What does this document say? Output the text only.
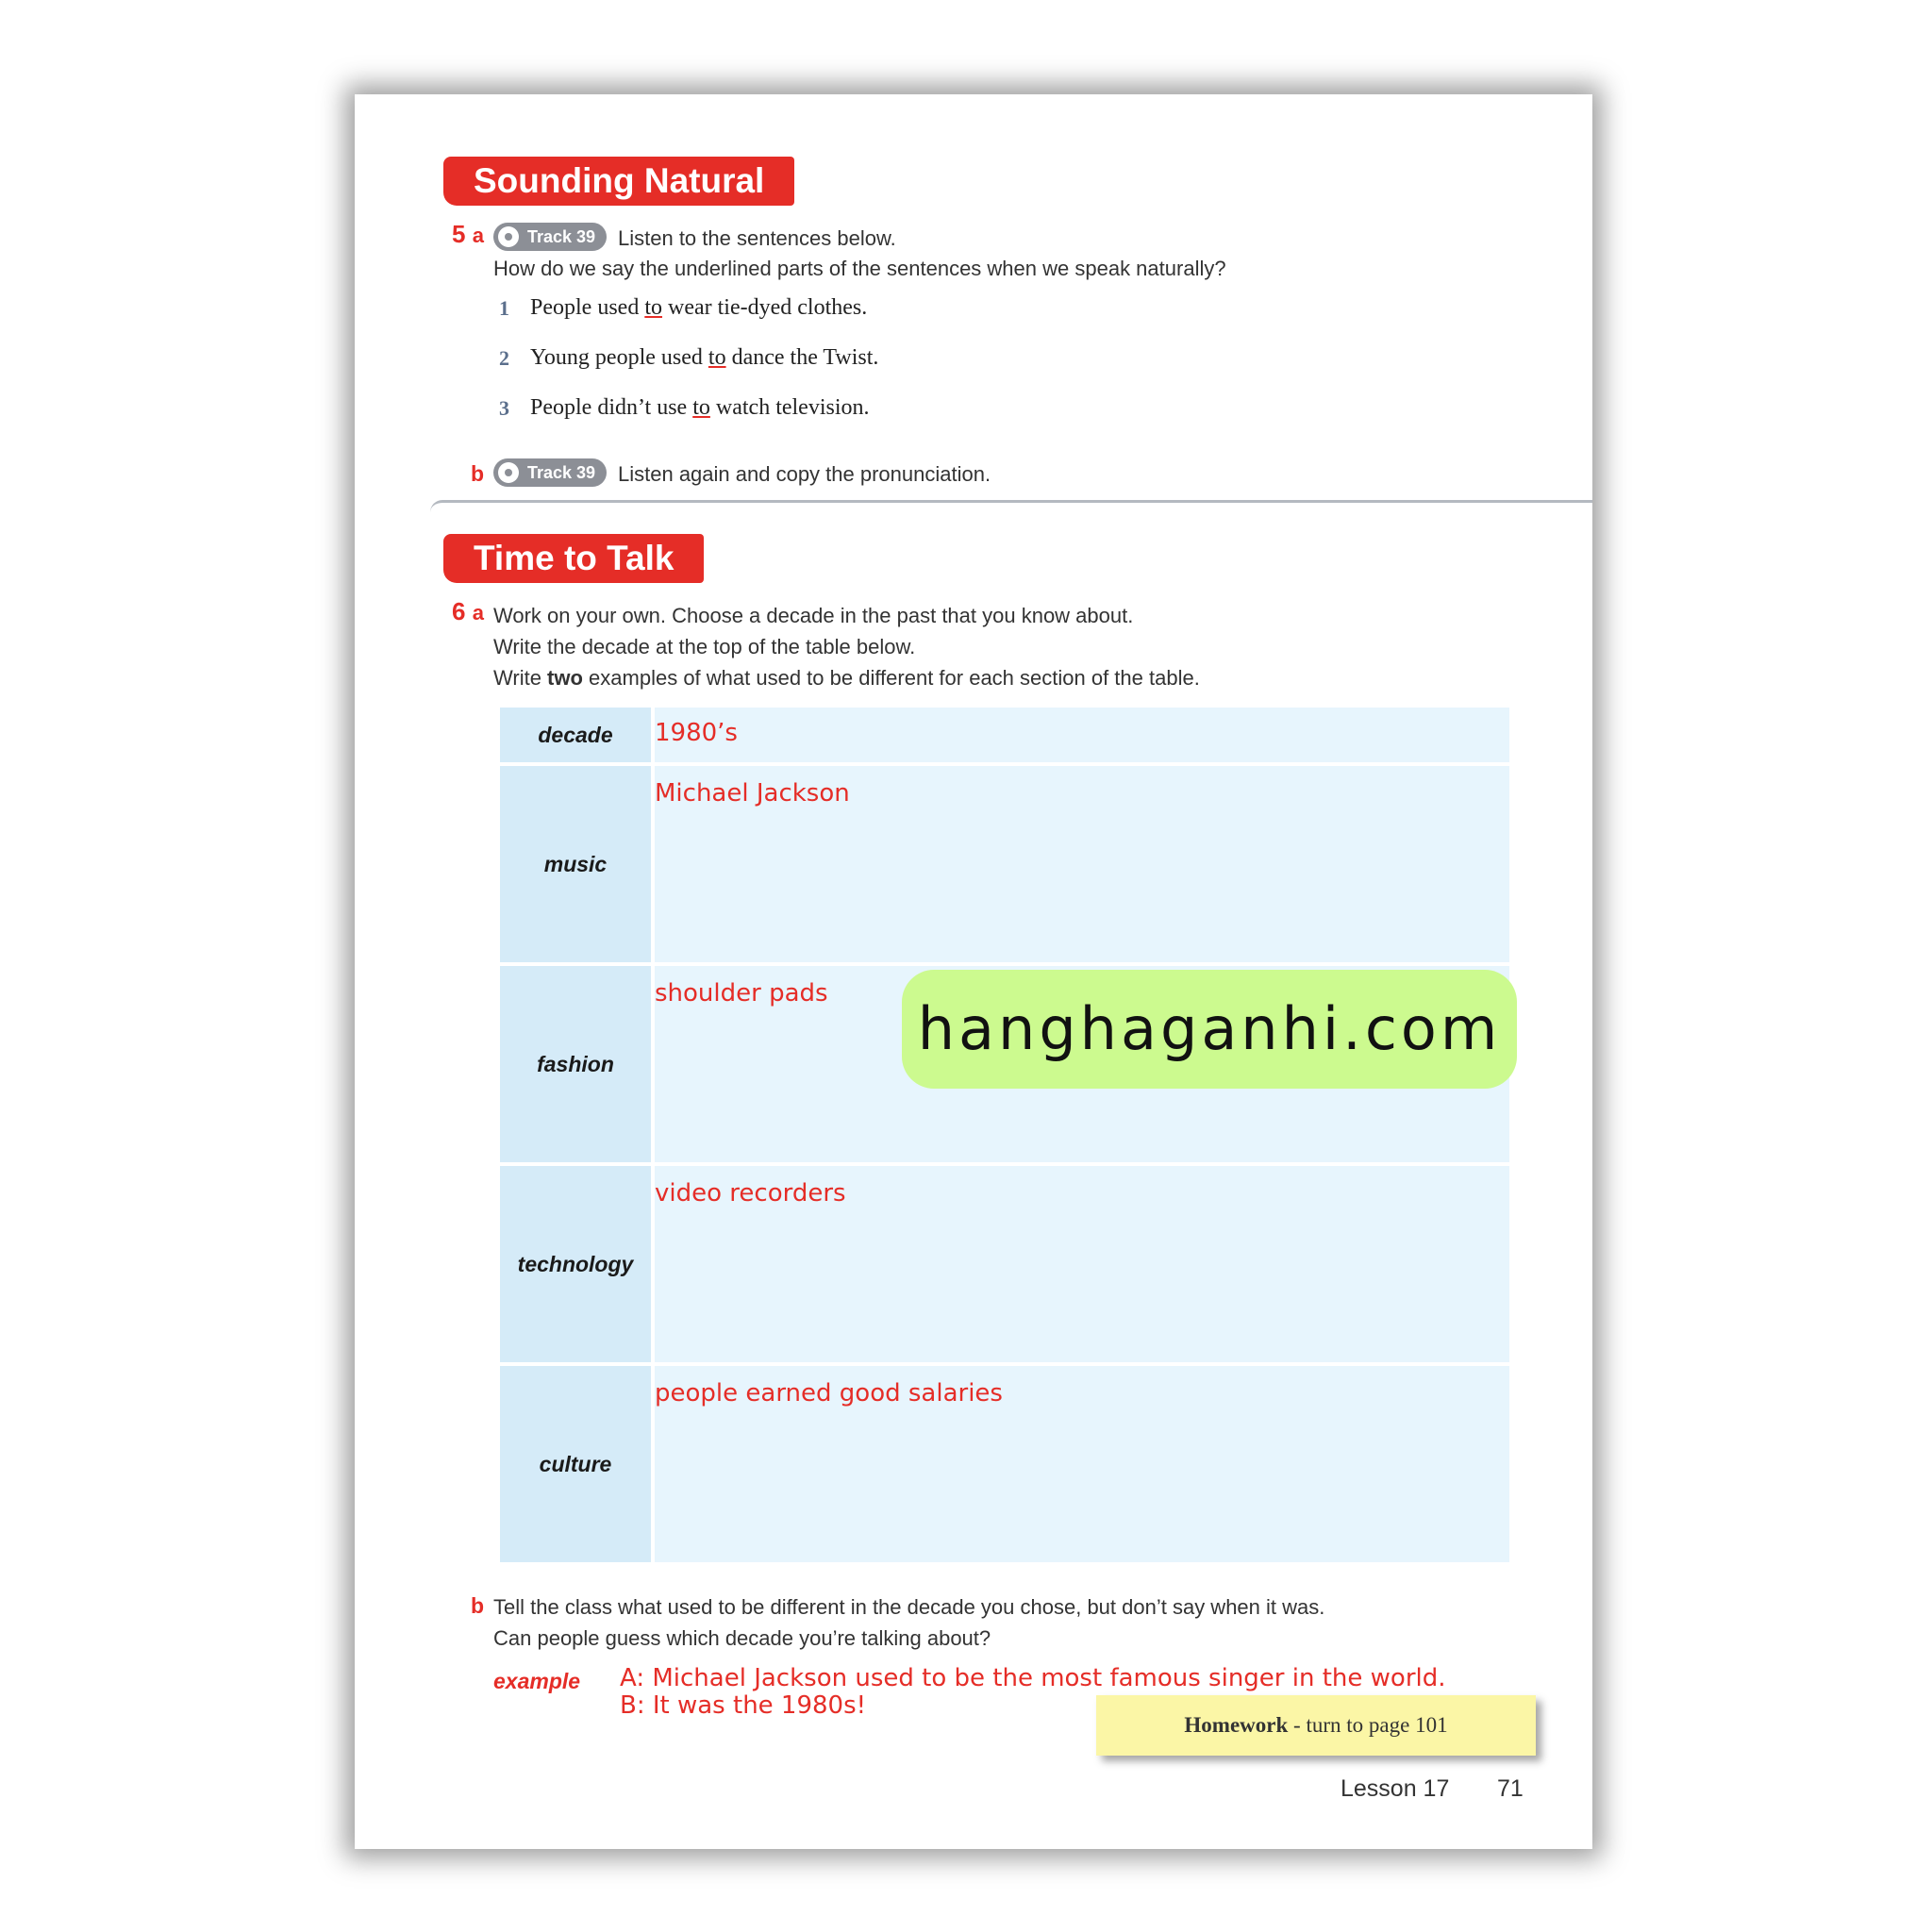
Sounding Natural
5 a	Track 39	Listen to the sentences below.
How do we say the underlined parts of the sentences when we speak naturally?
1 People used to wear tie-dyed clothes.
2 Young people used to dance the Twist.
3 People didn’t use to watch television.
b	Track 39	Listen again and copy the pronunciation.
Time to Talk
6 a Work on your own. Choose a decade in the past that you know about.
Write the decade at the top of the table below.
Write two examples of what used to be different for each section of the table.
decade	1980’s

music	Michael Jackson

fashion	shoulder pads

technology	video recorders

culture	people earned good salaries
hanghaganhi.com
b Tell the class what used to be different in the decade you chose, but don’t say when it was.
Can people guess which decade you’re talking about?
example A: Michael Jackson used to be the most famous singer in the world.
B: It was the 1980s!
Homework - turn to page 101
Lesson 17 71
